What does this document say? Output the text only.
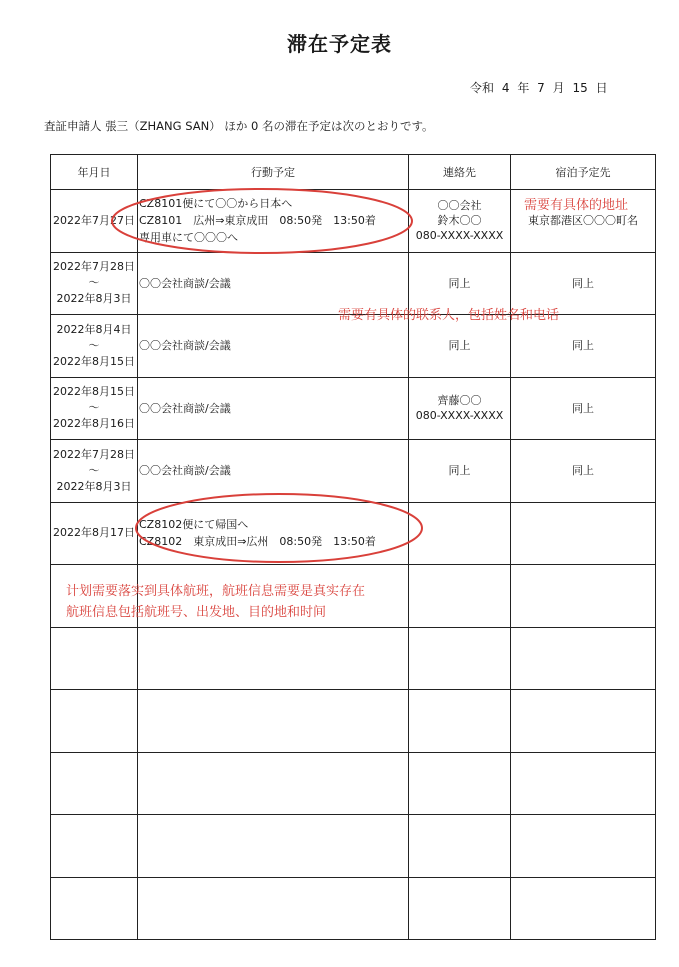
滞在予定表
令和 4 年 7 月 15 日
査証申請人 張三（ZHANG SAN） ほか 0 名の滞在予定は次のとおりです。
年月日	行動予定	連絡先	宿泊予定先

2022年7月27日	CZ8101便にて〇〇から日本へ
CZ8101　広州⇒東京成田　08:50発　13:50着
専用車にて〇〇〇へ	〇〇会社
鈴木〇〇
080-XXXX-XXXX	東京都港区〇〇〇町名

2022年7月28日
～
2022年8月3日	〇〇会社商談/会議	同上	同上

2022年8月4日
～
2022年8月15日	〇〇会社商談/会議	同上	同上

2022年8月15日
～
2022年8月16日	〇〇会社商談/会議	齊藤〇〇
080-XXXX-XXXX	同上

2022年7月28日
～
2022年8月3日	〇〇会社商談/会議	同上	同上

2022年8月17日	CZ8102便にて帰国へ
CZ8102　東京成田⇒広州　08:50発　13:50着		

需要有具体的地址
需要有具体的联系人，包括姓名和电话
计划需要落实到具体航班，航班信息需要是真实存在
航班信息包括航班号、出发地、目的地和时间
